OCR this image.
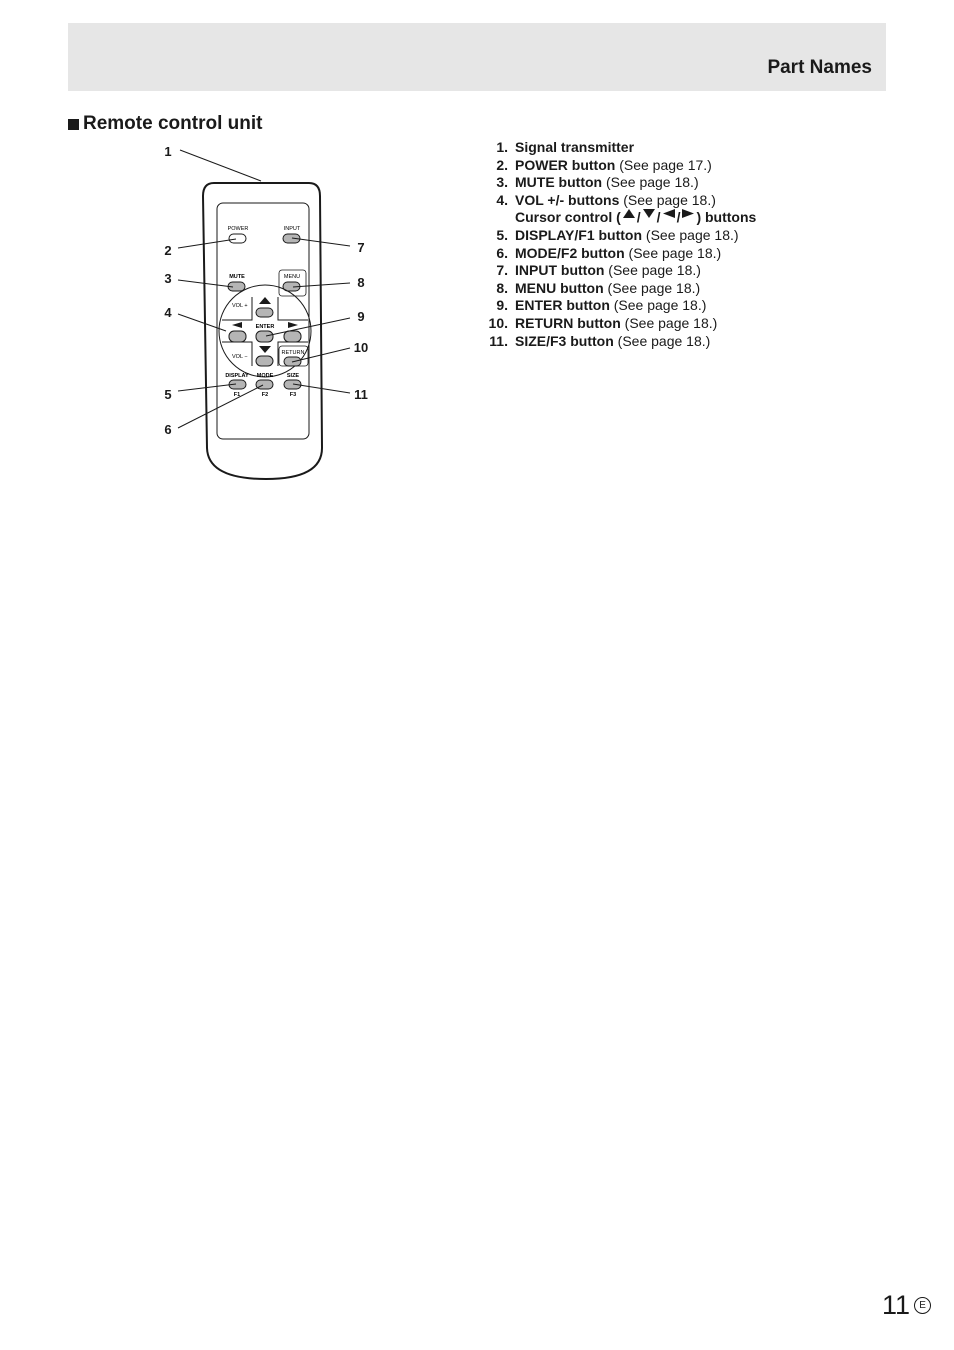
Part Names
Remote control unit
POWER	INPUT
MUTE	MENU
VOL +
VOL −
ENTER
RETURN
DISPLAY MODE SIZE
F1	F2	F3
1
2
3
4
5
6
7
8
9
10
11
1. Signal transmitter
2. POWER button (See page 17.)
3. MUTE button (See page 18.)
4. VOL +/- buttons (See page 18.)
Cursor control ( / / / ) buttons
5. DISPLAY/F1 button (See page 18.)
6. MODE/F2 button (See page 18.)
7. INPUT button (See page 18.)
8. MENU button (See page 18.)
9. ENTER button (See page 18.)
10. RETURN button (See page 18.)
11. SIZE/F3 button (See page 18.)
11 E
